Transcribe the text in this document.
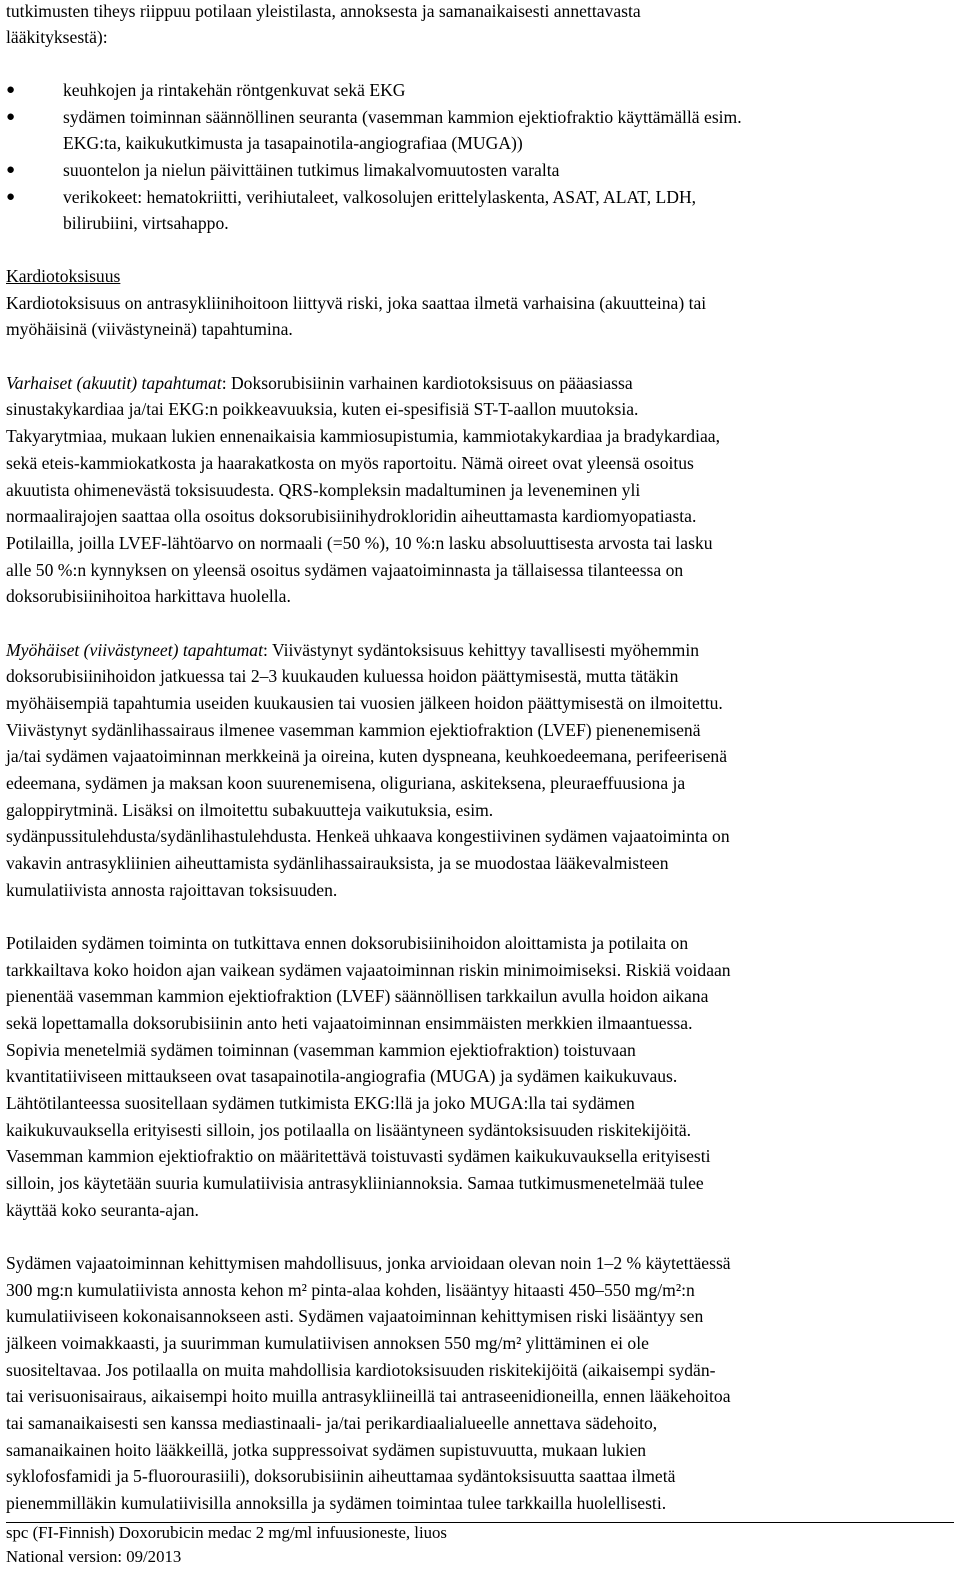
tutkimusten tiheys riippuu potilaan yleistilasta, annoksesta ja samanaikaisesti annettavasta
lääkityksestä):
●	keuhkojen ja rintakehän röntgenkuvat sekä EKG
●	sydämen toiminnan säännöllinen seuranta (vasemman kammion ejektiofraktio käyttämällä esim.
EKG:ta, kaikukutkimusta ja tasapainotila-angiografiaa (MUGA))
●	suuontelon ja nielun päivittäinen tutkimus limakalvomuutosten varalta
●	verikokeet: hematokriitti, verihiutaleet, valkosolujen erittelylaskenta, ASAT, ALAT, LDH,
bilirubiini, virtsahappo.
Kardiotoksisuus
Kardiotoksisuus on antrasykliinihoitoon liittyvä riski, joka saattaa ilmetä varhaisina (akuutteina) tai
myöhäisinä (viivästyneinä) tapahtumina.
Varhaiset (akuutit) tapahtumat: Doksorubisiinin varhainen kardiotoksisuus on pääasiassa
sinustakykardiaa ja/tai EKG:n poikkeavuuksia, kuten ei-spesifisiä ST-T-aallon muutoksia.
Takyarytmiaa, mukaan lukien ennenaikaisia kammiosupistumia, kammiotakykardiaa ja bradykardiaa,
sekä eteis-kammiokatkosta ja haarakatkosta on myös raportoitu. Nämä oireet ovat yleensä osoitus
akuutista ohimenevästä toksisuudesta. QRS-kompleksin madaltuminen ja leveneminen yli
normaalirajojen saattaa olla osoitus doksorubisiinihydrokloridin aiheuttamasta kardiomyopatiasta.
Potilailla, joilla LVEF-lähtöarvo on normaali (=50 %), 10 %:n lasku absoluuttisesta arvosta tai lasku
alle 50 %:n kynnyksen on yleensä osoitus sydämen vajaatoiminnasta ja tällaisessa tilanteessa on
doksorubisiinihoitoa harkittava huolella.
Myöhäiset (viivästyneet) tapahtumat: Viivästynyt sydäntoksisuus kehittyy tavallisesti myöhemmin
doksorubisiinihoidon jatkuessa tai 2–3 kuukauden kuluessa hoidon päättymisestä, mutta tätäkin
myöhäisempiä tapahtumia useiden kuukausien tai vuosien jälkeen hoidon päättymisestä on ilmoitettu.
Viivästynyt sydänlihassairaus ilmenee vasemman kammion ejektiofraktion (LVEF) pienenemisenä
ja/tai sydämen vajaatoiminnan merkkeinä ja oireina, kuten dyspneana, keuhkoedeemana, perifeerisenä
edeemana, sydämen ja maksan koon suurenemisena, oliguriana, askiteksena, pleuraeffuusiona ja
galoppirytminä. Lisäksi on ilmoitettu subakuutteja vaikutuksia, esim.
sydänpussitulehdusta/sydänlihastulehdusta. Henkeä uhkaava kongestiivinen sydämen vajaatoiminta on
vakavin antrasykliinien aiheuttamista sydänlihassairauksista, ja se muodostaa lääkevalmisteen
kumulatiivista annosta rajoittavan toksisuuden.
Potilaiden sydämen toiminta on tutkittava ennen doksorubisiinihoidon aloittamista ja potilaita on
tarkkailtava koko hoidon ajan vaikean sydämen vajaatoiminnan riskin minimoimiseksi. Riskiä voidaan
pienentää vasemman kammion ejektiofraktion (LVEF) säännöllisen tarkkailun avulla hoidon aikana
sekä lopettamalla doksorubisiinin anto heti vajaatoiminnan ensimmäisten merkkien ilmaantuessa.
Sopivia menetelmiä sydämen toiminnan (vasemman kammion ejektiofraktion) toistuvaan
kvantitatiiviseen mittaukseen ovat tasapainotila-angiografia (MUGA) ja sydämen kaikukuvaus.
Lähtötilanteessa suositellaan sydämen tutkimista EKG:llä ja joko MUGA:lla tai sydämen
kaikukuvauksella erityisesti silloin, jos potilaalla on lisääntyneen sydäntoksisuuden riskitekijöitä.
Vasemman kammion ejektiofraktio on määritettävä toistuvasti sydämen kaikukuvauksella erityisesti
silloin, jos käytetään suuria kumulatiivisia antrasykliiniannoksia. Samaa tutkimusmenetelmää tulee
käyttää koko seuranta-ajan.
Sydämen vajaatoiminnan kehittymisen mahdollisuus, jonka arvioidaan olevan noin 1–2 % käytettäessä
300 mg:n kumulatiivista annosta kehon m² pinta-alaa kohden, lisääntyy hitaasti 450–550 mg/m²:n
kumulatiiviseen kokonaisannokseen asti. Sydämen vajaatoiminnan kehittymisen riski lisääntyy sen
jälkeen voimakkaasti, ja suurimman kumulatiivisen annoksen 550 mg/m² ylittäminen ei ole
suositeltavaa. Jos potilaalla on muita mahdollisia kardiotoksisuuden riskitekijöitä (aikaisempi sydän-
tai verisuonisairaus, aikaisempi hoito muilla antrasykliineillä tai antraseenidioneilla, ennen lääkehoitoa
tai samanaikaisesti sen kanssa mediastinaali- ja/tai perikardiaalialueelle annettava sädehoito,
samanaikainen hoito lääkkeillä, jotka suppressoivat sydämen supistuvuutta, mukaan lukien
syklofosfamidi ja 5-fluorourasiili), doksorubisiinin aiheuttamaa sydäntoksisuutta saattaa ilmetä
pienemmilläkin kumulatiivisilla annoksilla ja sydämen toimintaa tulee tarkkailla huolellisesti.
spc (FI-Finnish) Doxorubicin medac 2 mg/ml infuusioneste, liuos
National version: 09/2013
